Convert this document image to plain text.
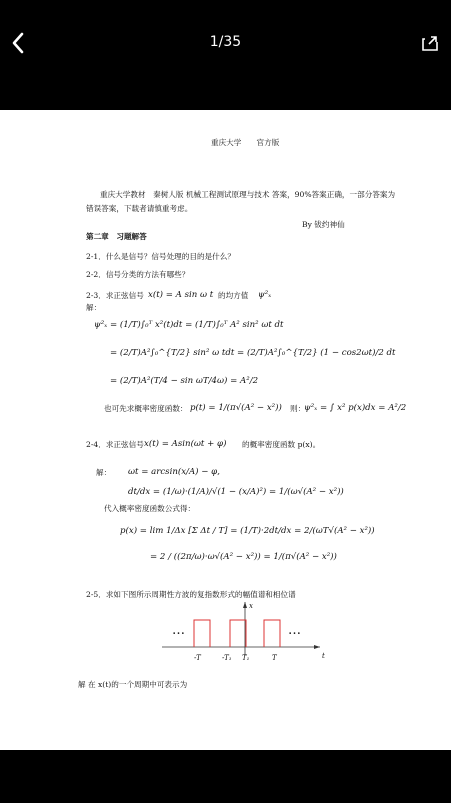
1/35
重庆大学　　官方版
重庆大学教材　秦树人版 机械工程测试原理与技术 答案，90%答案正确，一部分答案为
错误答案，下载者请慎重考虑。
By 钹约神仙
第二章　习题解答
2-1．什么是信号？信号处理的目的是什么？
2-2．信号分类的方法有哪些？
2-3．求正弦信号 x(t) = A sin ω t 的均方值 ψ²ₓ
解：
ψ²ₓ = (1/T)∫₀ᵀ x²(t)dt = (1/T)∫₀ᵀ A² sin² ωt dt
= (2/T)A²∫₀^{T/2} sin² ω tdt = (2/T)A²∫₀^{T/2} (1 − cos2ωt)/2 dt
= (2/T)A²(T/4 − sin ωT/4ω) = A²/2
也可先求概率密度函数： p(t) = 1/(π√(A² − x²)) 则：
ψ²ₓ = ∫ x² p(x)dx = A²/2
2-4．求正弦信号 x(t) = Asin(ωt + φ) 的概率密度函数 p(x)。
解： ωt = arcsin(x/A) − φ,
dt/dx = (1/ω)·(1/A)/√(1 − (x/A)²) = 1/(ω√(A² − x²))
代入概率密度函数公式得：
p(x) = lim 1/Δx [Σ Δt / T] = (1/T)·2dt/dx = 2/(ωT√(A² − x²))
= 2 / ((2π/ω)·ω√(A² − x²)) = 1/(π√(A² − x²))
2-5．求如下图所示周期性方波的复指数形式的幅值谱和相位谱
…	…
x
t
-T	-T₁ T₁	T
解 在 x(t)的一个周期中可表示为
